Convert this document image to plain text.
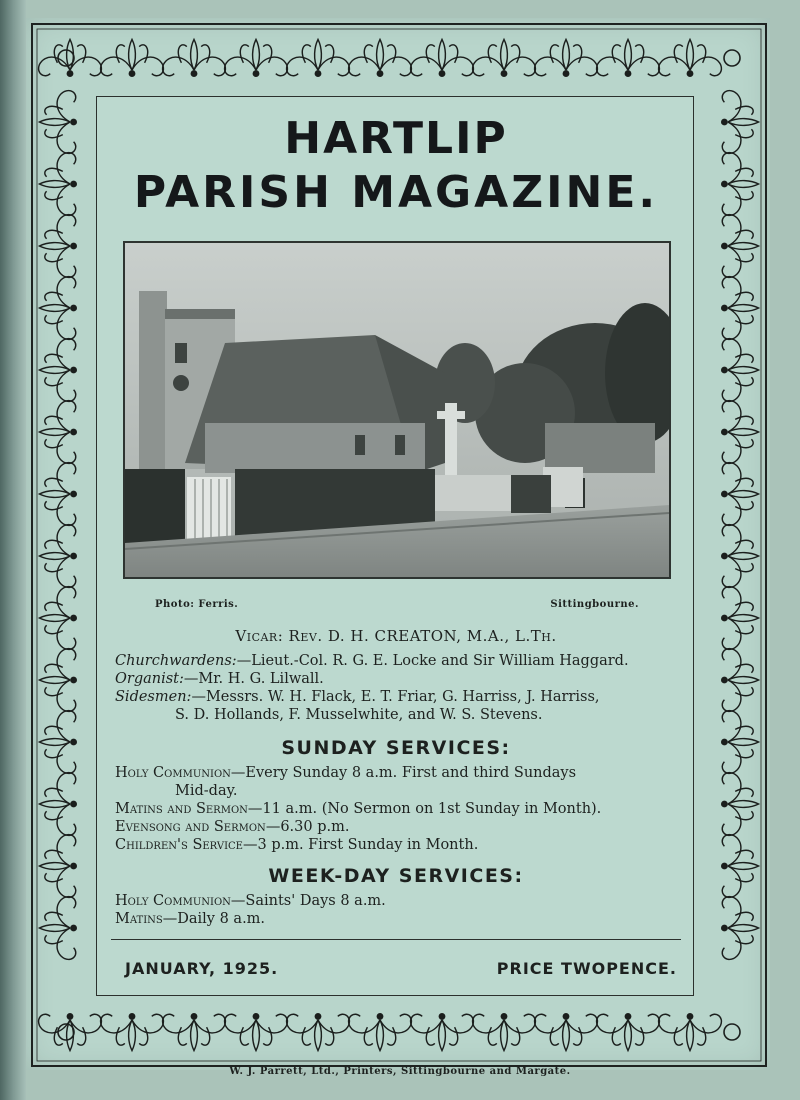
HARTLIP
PARISH MAGAZINE.
Photo: Ferris.	Sittingbourne.
Vicar: Rev. D. H. CREATON, M.A., L.Th.
Churchwardens:—Lieut.-Col. R. G. E. Locke and Sir William Haggard.
Organist:—Mr. H. G. Lilwall.
Sidesmen:—Messrs. W. H. Flack, E. T. Friar, G. Harriss, J. Harriss,
S. D. Hollands, F. Musselwhite, and W. S. Stevens.
SUNDAY SERVICES:
Holy Communion—Every Sunday 8 a.m. First and third Sundays
Mid-day.
Matins and Sermon—11 a.m. (No Sermon on 1st Sunday in Month).
Evensong and Sermon—6.30 p.m.
Children's Service—3 p.m. First Sunday in Month.
WEEK-DAY SERVICES:
Holy Communion—Saints' Days 8 a.m.
Matins—Daily 8 a.m.
JANUARY, 1925.	PRICE TWOPENCE.
W. J. Parrett, Ltd., Printers, Sittingbourne and Margate.
